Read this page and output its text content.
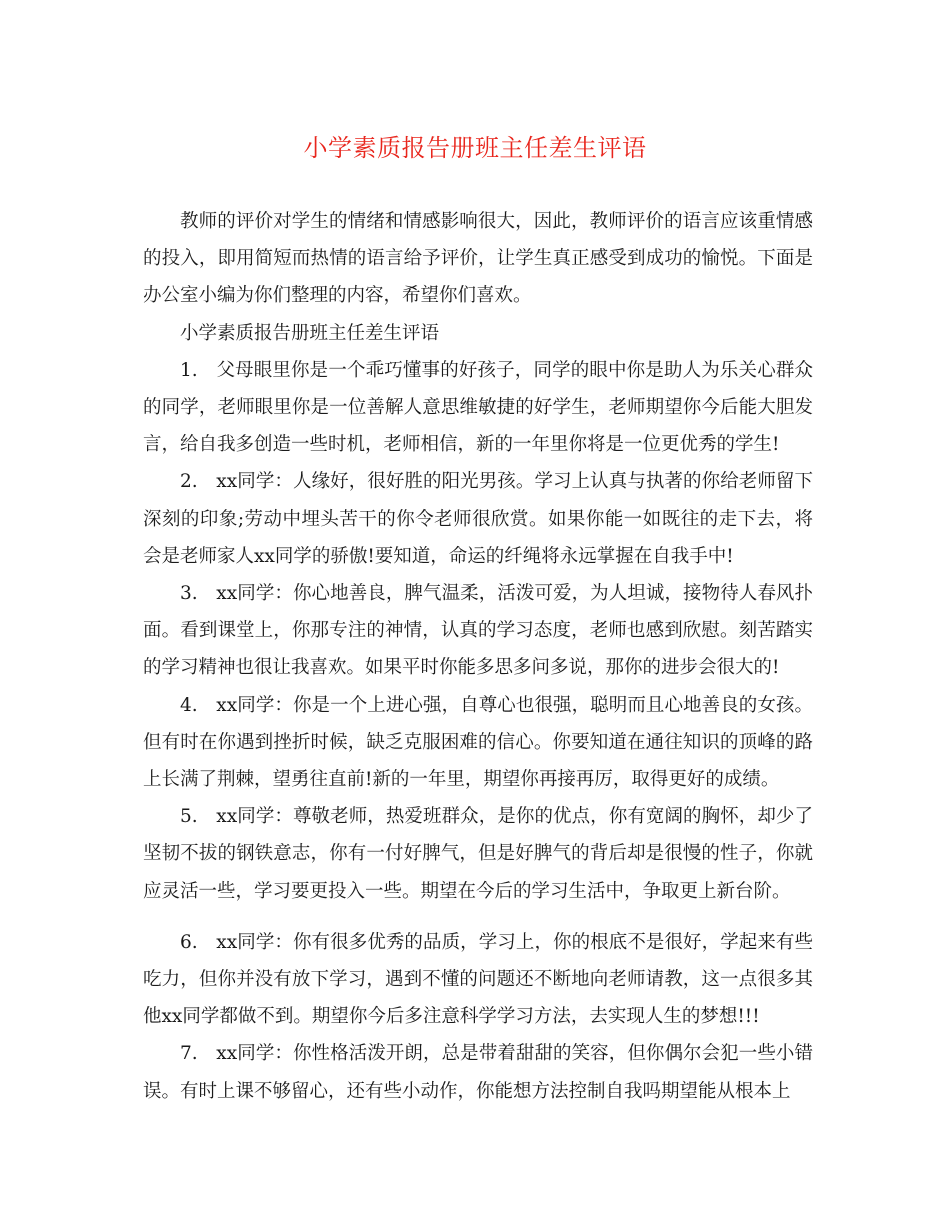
小学素质报告册班主任差生评语

教师的评价对学生的情绪和情感影响很大，因此，教师评价的语言应该重情感的投入，即用简短而热情的语言给予评价，让学生真正感受到成功的愉悦。下面是办公室小编为你们整理的内容，希望你们喜欢。

小学素质报告册班主任差生评语

1.　父母眼里你是一个乖巧懂事的好孩子，同学的眼中你是助人为乐关心群众的同学，老师眼里你是一位善解人意思维敏捷的好学生，老师期望你今后能大胆发言，给自我多创造一些时机，老师相信，新的一年里你将是一位更优秀的学生!

2.　xx同学：人缘好，很好胜的阳光男孩。学习上认真与执著的你给老师留下深刻的印象;劳动中埋头苦干的你令老师很欣赏。如果你能一如既往的走下去，将会是老师家人xx同学的骄傲!要知道，命运的纤绳将永远掌握在自我手中!

3.　xx同学：你心地善良，脾气温柔，活泼可爱，为人坦诚，接物待人春风扑面。看到课堂上，你那专注的神情，认真的学习态度，老师也感到欣慰。刻苦踏实的学习精神也很让我喜欢。如果平时你能多思多问多说，那你的进步会很大的!

4.　xx同学：你是一个上进心强，自尊心也很强，聪明而且心地善良的女孩。但有时在你遇到挫折时候，缺乏克服困难的信心。你要知道在通往知识的顶峰的路上长满了荆棘，望勇往直前!新的一年里，期望你再接再厉，取得更好的成绩。

5.　xx同学：尊敬老师，热爱班群众，是你的优点，你有宽阔的胸怀，却少了坚韧不拔的钢铁意志，你有一付好脾气，但是好脾气的背后却是很慢的性子，你就应灵活一些，学习要更投入一些。期望在今后的学习生活中，争取更上新台阶。

6.　xx同学：你有很多优秀的品质，学习上，你的根底不是很好，学起来有些吃力，但你并没有放下学习，遇到不懂的问题还不断地向老师请教，这一点很多其他xx同学都做不到。期望你今后多注意科学学习方法，去实现人生的梦想!!!

7.　xx同学：你性格活泼开朗，总是带着甜甜的笑容，但你偶尔会犯一些小错误。有时上课不够留心，还有些小动作，你能想方法控制自我吗期望能从根本上
